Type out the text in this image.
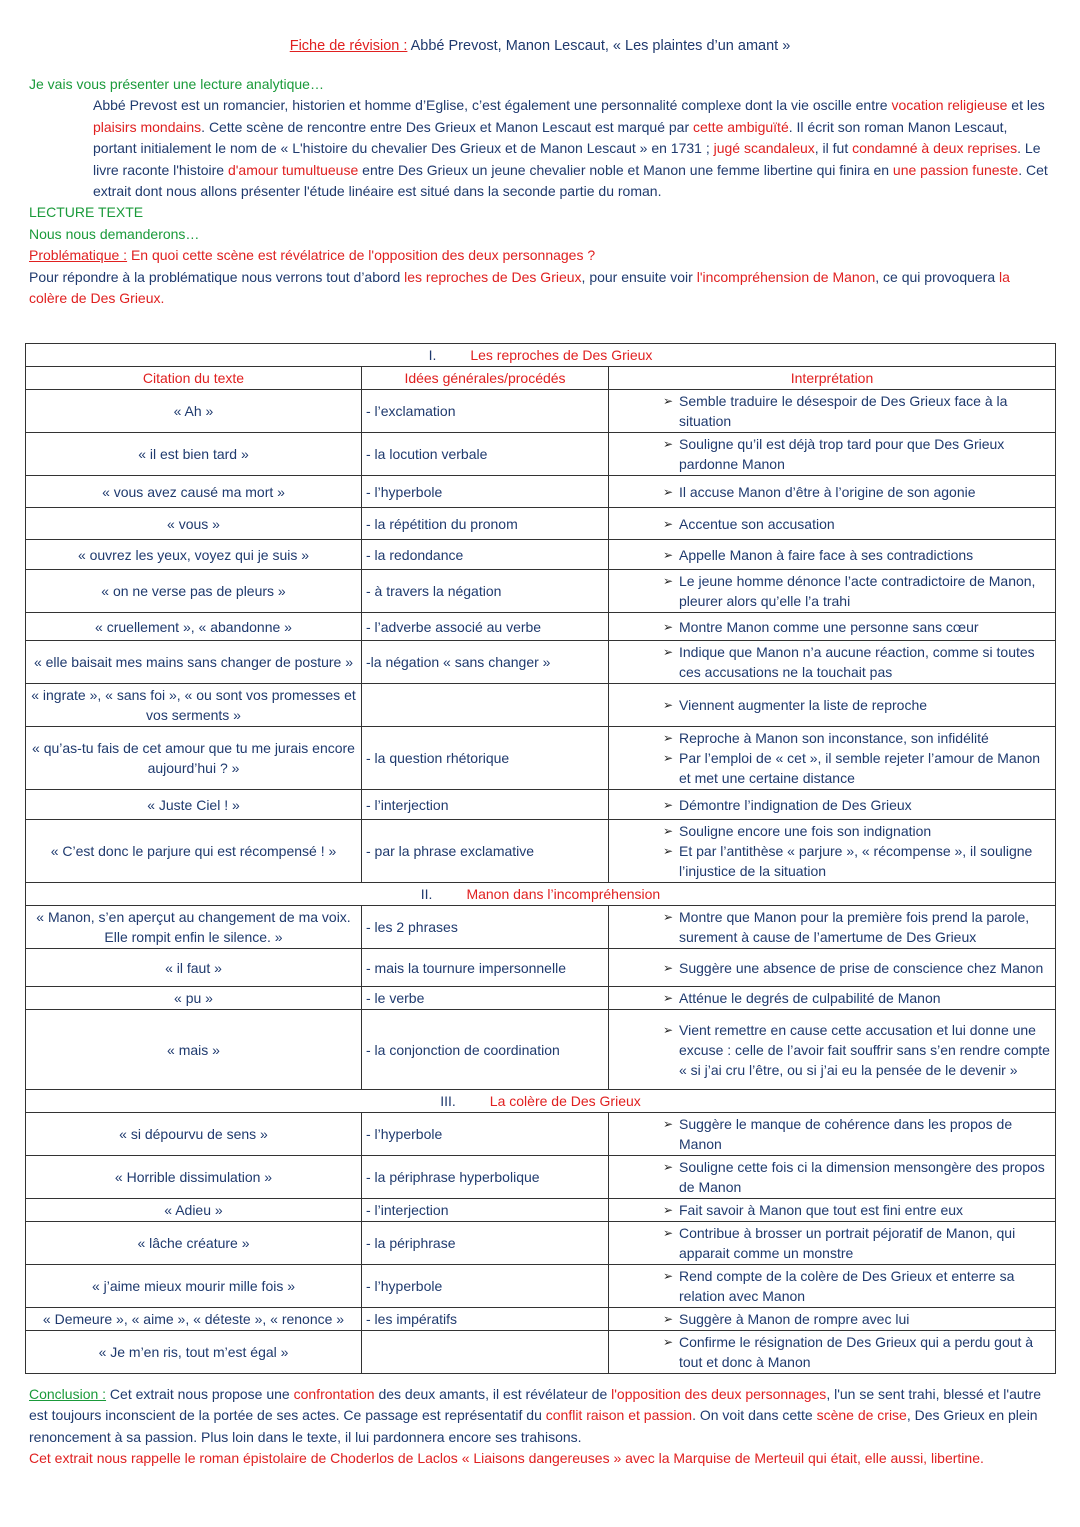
Fiche de révision : Abbé Prevost, Manon Lescaut, « Les plaintes d’un amant »

Je vais vous présenter une lecture analytique…

Abbé Prevost est un romancier, historien et homme d’Eglise, c’est également une personnalité complexe dont la vie oscille entre vocation religieuse et les plaisirs mondains. Cette scène de rencontre entre Des Grieux et Manon Lescaut est marqué par cette ambiguïté. Il écrit son roman Manon Lescaut, portant initialement le nom de « L'histoire du chevalier Des Grieux et de Manon Lescaut » en 1731 ; jugé scandaleux, il fut condamné à deux reprises. Le livre raconte l'histoire d'amour tumultueuse entre Des Grieux un jeune chevalier noble et Manon une femme libertine qui finira en une passion funeste. Cet extrait dont nous allons présenter l'étude linéaire est situé dans la seconde partie du roman.

LECTURE TEXTE

Nous nous demanderons…

Problématique : En quoi cette scène est révélatrice de l'opposition des deux personnages ?

Pour répondre à la problématique nous verrons tout d’abord les reproches de Des Grieux, pour ensuite voir l'incompréhension de Manon, ce qui provoquera la colère de Des Grieux.

I. Les reproches de Des Grieux		
Citation du texte	Idées générales/procédés	Interprétation
« Ah »	- l’exclamation	➢ Semble traduire le désespoir de Des Grieux face à la situation

« il est bien tard »	- la locution verbale	➢ Souligne qu’il est déjà trop tard pour que Des Grieux pardonne Manon

« vous avez causé ma mort »	- l’hyperbole	➢ Il accuse Manon d’être à l’origine de son agonie

« vous »	- la répétition du pronom	➢ Accentue son accusation

« ouvrez les yeux, voyez qui je suis »	- la redondance	➢ Appelle Manon à faire face à ses contradictions

« on ne verse pas de pleurs »	- à travers la négation	➢ Le jeune homme dénonce l’acte contradictoire de Manon, pleurer alors qu’elle l’a trahi

« cruellement », « abandonne »	- l’adverbe associé au verbe	➢ Montre Manon comme une personne sans cœur

« elle baisait mes mains sans changer de posture »	-la négation « sans changer »	➢ Indique que Manon n’a aucune réaction, comme si toutes ces accusations ne la touchait pas

« ingrate », « sans foi », « ou sont vos promesses et vos serments »		➢ Viennent augmenter la liste de reproche

« qu’as-tu fais de cet amour que tu me jurais encore aujourd’hui ? »	- la question rhétorique	➢ Reproche à Manon son inconstance, son infidélité
➢ Par l’emploi de « cet », il semble rejeter l’amour de Manon et met une certaine distance

« Juste Ciel ! »	- l’interjection	➢ Démontre l’indignation de Des Grieux

« C’est donc le parjure qui est récompensé ! »	- par la phrase exclamative	➢ Souligne encore une fois son indignation
➢ Et par l’antithèse « parjure », « récompense », il souligne l’injustice de la situation

II. Manon dans l’incompréhension		
« Manon, s’en aperçut au changement de ma voix. Elle rompit enfin le silence. »	- les 2 phrases	➢ Montre que Manon pour la première fois prend la parole, surement à cause de l’amertume de Des Grieux

« il faut »	- mais la tournure impersonnelle	➢ Suggère une absence de prise de conscience chez Manon

« pu »	- le verbe	➢ Atténue le degrés de culpabilité de Manon

« mais »	- la conjonction de coordination	➢ Vient remettre en cause cette accusation et lui donne une excuse : celle de l’avoir fait souffrir sans s’en rendre compte « si j’ai cru l’être, ou si j’ai eu la pensée de le devenir »

III. La colère de Des Grieux		
« si dépourvu de sens »	- l’hyperbole	➢ Suggère le manque de cohérence dans les propos de Manon

« Horrible dissimulation »	- la périphrase hyperbolique	➢ Souligne cette fois ci la dimension mensongère des propos de Manon

« Adieu »	- l’interjection	➢ Fait savoir à Manon que tout est fini entre eux

« lâche créature »	- la périphrase	➢ Contribue à brosser un portrait péjoratif de Manon, qui apparait comme un monstre

« j’aime mieux mourir mille fois »	- l’hyperbole	➢ Rend compte de la colère de Des Grieux et enterre sa relation avec Manon

« Demeure », « aime », « déteste », « renonce »	- les impératifs	➢ Suggère à Manon de rompre avec lui

« Je m’en ris, tout m’est égal »		➢ Confirme le résignation de Des Grieux qui a perdu gout à tout et donc à Manon

Conclusion : Cet extrait nous propose une confrontation des deux amants, il est révélateur de l'opposition des deux personnages, l'un se sent trahi, blessé et l'autre est toujours inconscient de la portée de ses actes. Ce passage est représentatif du conflit raison et passion. On voit dans cette scène de crise, Des Grieux en plein renoncement à sa passion. Plus loin dans le texte, il lui pardonnera encore ses trahisons.

Cet extrait nous rappelle le roman épistolaire de Choderlos de Laclos « Liaisons dangereuses » avec la Marquise de Merteuil qui était, elle aussi, libertine.
